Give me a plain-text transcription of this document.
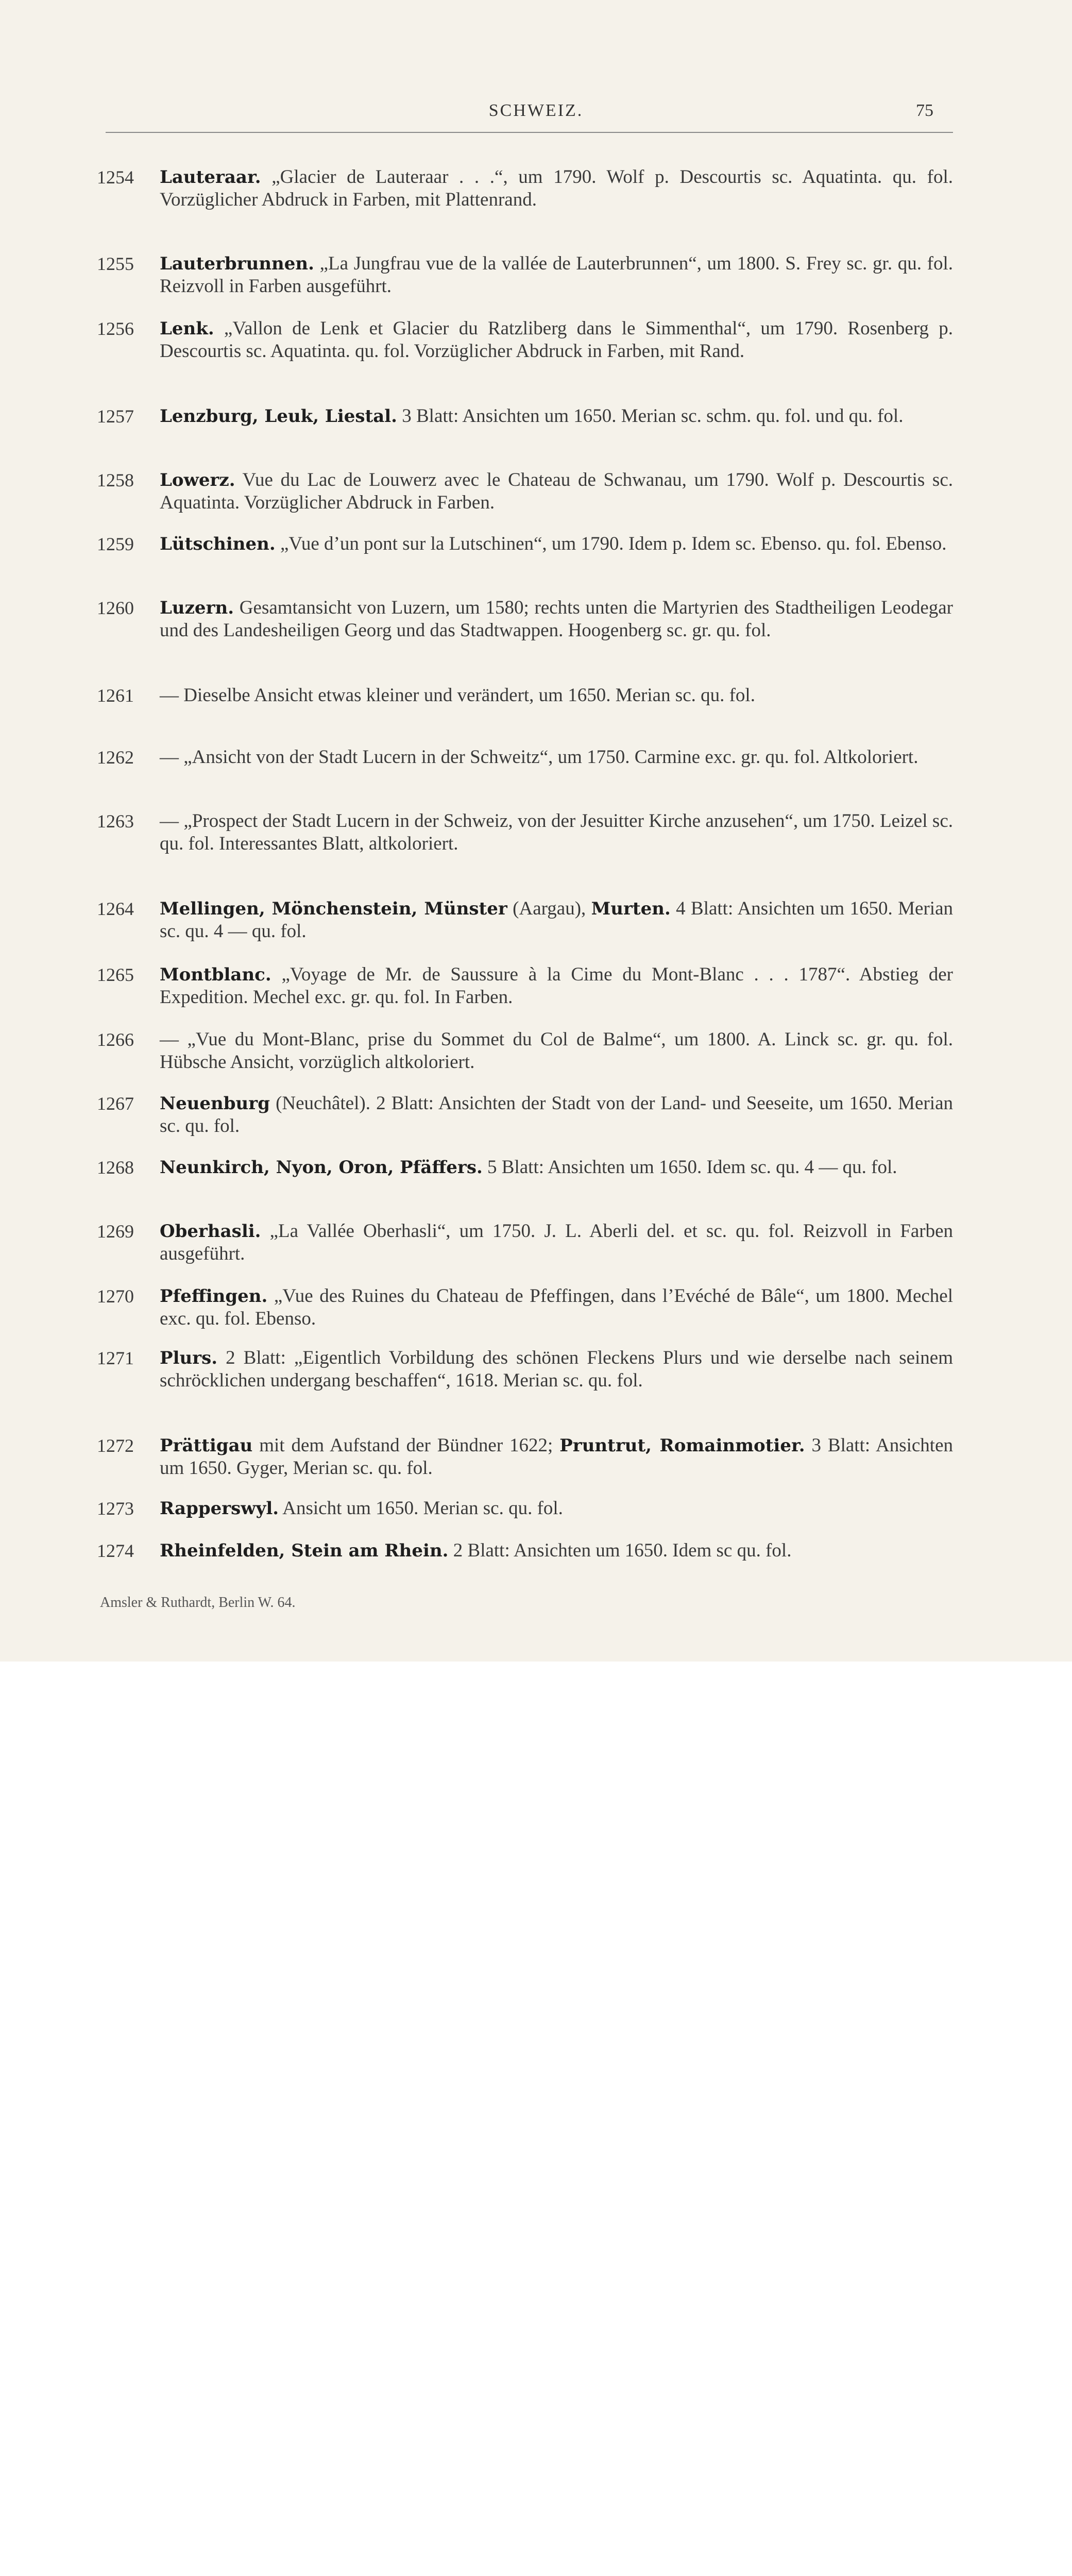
SCHWEIZ.	75
1254 Lauteraar. „Glacier de Lauteraar . . .“, um 1790. Wolf p. Descourtis sc. Aquatinta. qu. fol. Vorzüglicher Abdruck in Farben, mit Plattenrand.
1255 Lauterbrunnen. „La Jungfrau vue de la vallée de Lauterbrunnen“, um 1800. S. Frey sc. gr. qu. fol. Reizvoll in Farben ausgeführt.
1256 Lenk. „Vallon de Lenk et Glacier du Ratzliberg dans le Simmenthal“, um 1790. Rosenberg p. Descourtis sc. Aquatinta. qu. fol. Vorzüglicher Abdruck in Farben, mit Rand.
1257 Lenzburg, Leuk, Liestal. 3 Blatt: Ansichten um 1650. Merian sc. schm. qu. fol. und qu. fol.
1258 Lowerz. Vue du Lac de Louwerz avec le Chateau de Schwanau, um 1790. Wolf p. Descourtis sc. Aquatinta. Vorzüglicher Abdruck in Farben.
1259 Lütschinen. „Vue d’un pont sur la Lutschinen“, um 1790. Idem p. Idem sc. Ebenso. qu. fol. Ebenso.
1260 Luzern. Gesamtansicht von Luzern, um 1580; rechts unten die Martyrien des Stadtheiligen Leodegar und des Landesheiligen Georg und das Stadtwappen. Hoogenberg sc. gr. qu. fol.
1261 — Dieselbe Ansicht etwas kleiner und verändert, um 1650. Merian sc. qu. fol.
1262 — „Ansicht von der Stadt Lucern in der Schweitz“, um 1750. Carmine exc. gr. qu. fol. Altkoloriert.
1263 — „Prospect der Stadt Lucern in der Schweiz, von der Jesuitter Kirche anzusehen“, um 1750. Leizel sc. qu. fol. Interessantes Blatt, altkoloriert.
1264 Mellingen, Mönchenstein, Münster (Aargau), Murten. 4 Blatt: Ansichten um 1650. Merian sc. qu. 4 — qu. fol.
1265 Montblanc. „Voyage de Mr. de Saussure à la Cime du Mont-Blanc . . . 1787“. Abstieg der Expedition. Mechel exc. gr. qu. fol. In Farben.
1266 — „Vue du Mont-Blanc, prise du Sommet du Col de Balme“, um 1800. A. Linck sc. gr. qu. fol. Hübsche Ansicht, vorzüglich altkoloriert.
1267 Neuenburg (Neuchâtel). 2 Blatt: Ansichten der Stadt von der Land- und Seeseite, um 1650. Merian sc. qu. fol.
1268 Neunkirch, Nyon, Oron, Pfäffers. 5 Blatt: Ansichten um 1650. Idem sc. qu. 4 — qu. fol.
1269 Oberhasli. „La Vallée Oberhasli“, um 1750. J. L. Aberli del. et sc. qu. fol. Reizvoll in Farben ausgeführt.
1270 Pfeffingen. „Vue des Ruines du Chateau de Pfeffingen, dans l’Evéché de Bâle“, um 1800. Mechel exc. qu. fol. Ebenso.
1271 Plurs. 2 Blatt: „Eigentlich Vorbildung des schönen Fleckens Plurs und wie derselbe nach seinem schröcklichen undergang beschaffen“, 1618. Merian sc. qu. fol.
1272 Prättigau mit dem Aufstand der Bündner 1622; Pruntrut, Romainmotier. 3 Blatt: Ansichten um 1650. Gyger, Merian sc. qu. fol.
1273 Rapperswyl. Ansicht um 1650. Merian sc. qu. fol.
1274 Rheinfelden, Stein am Rhein. 2 Blatt: Ansichten um 1650. Idem sc qu. fol.
Amsler & Ruthardt, Berlin W. 64.
